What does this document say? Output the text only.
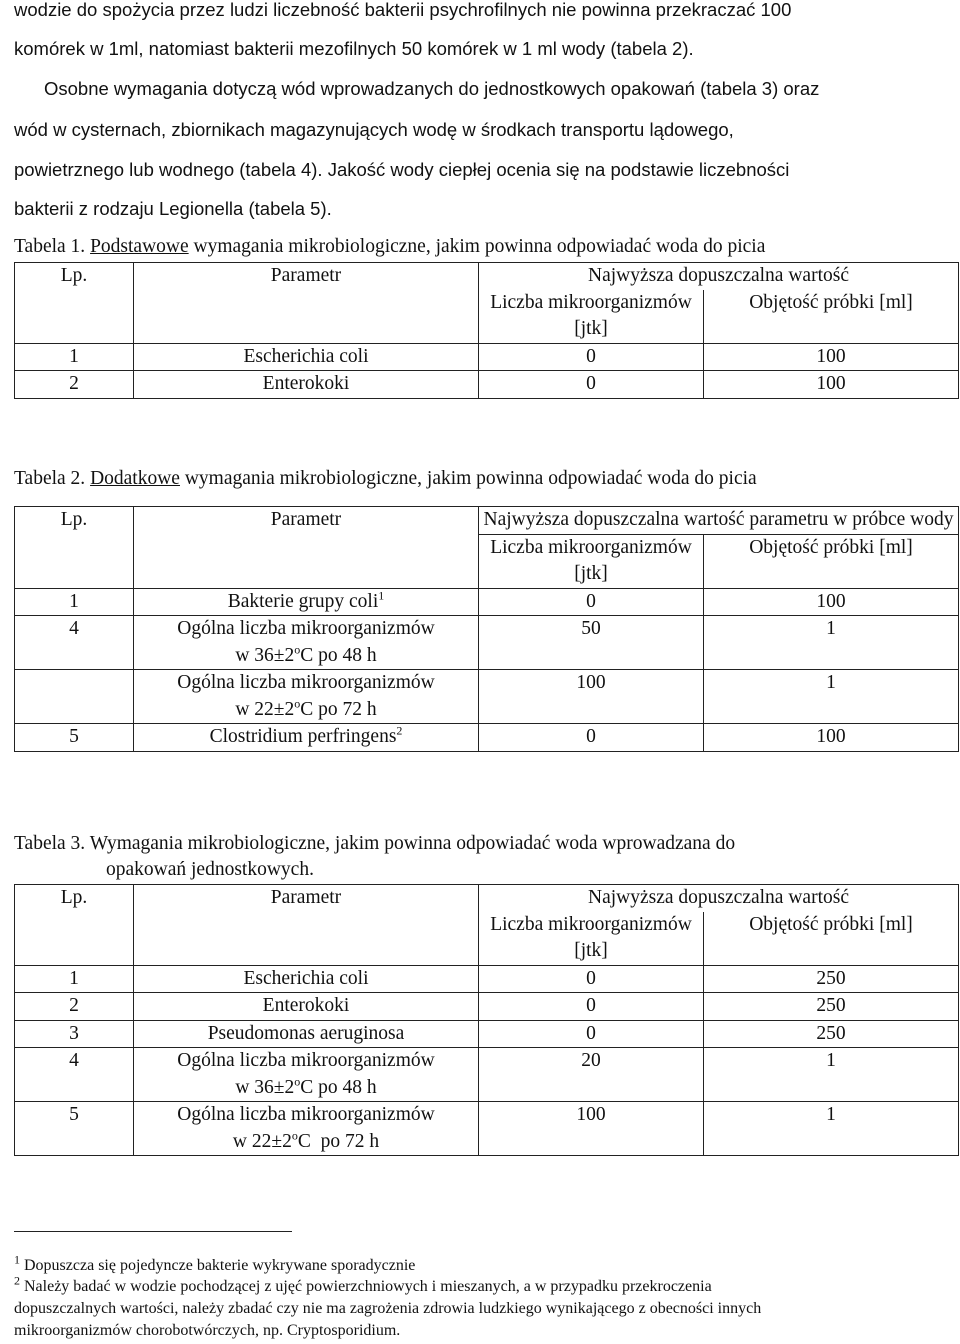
wodzie do spożycia przez ludzi liczebność bakterii psychrofilnych nie powinna przekraczać 100
komórek w 1ml, natomiast bakterii mezofilnych 50 komórek w 1 ml wody (tabela 2).
Osobne wymagania dotyczą wód wprowadzanych do jednostkowych opakowań (tabela 3) oraz
wód w cysternach, zbiornikach magazynujących wodę w środkach transportu lądowego,
powietrznego lub wodnego (tabela 4). Jakość wody ciepłej ocenia się na podstawie liczebności
bakterii z rodzaju Legionella (tabela 5).
Tabela 1. Podstawowe wymagania mikrobiologiczne, jakim powinna odpowiadać woda do picia
Lp.	Parametr	Najwyższa dopuszczalna wartość	
		Liczba mikroorganizmów [jtk]	Objętość próbki [ml]
1	Escherichia coli	0	100
2	Enterokoki	0	100
Tabela 2. Dodatkowe wymagania mikrobiologiczne, jakim powinna odpowiadać woda do picia
Lp.	Parametr	Najwyższa dopuszczalna wartość parametru w próbce wody	
		Liczba mikroorganizmów [jtk]	Objętość próbki [ml]
1	Bakterie grupy coli$^1$	0	100
4	Ogólna liczba mikroorganizmów
w $36\pm 2^oC$ po 48 h	50	1

	Ogólna liczba mikroorganizmów
w $22\pm 2^oC$ po 72 h	100	1
5	Clostridium perfringens$^2$	0	100
Tabela 3. Wymagania mikrobiologiczne, jakim powinna odpowiadać woda wprowadzana do
opakowań jednostkowych.
Lp.	Parametr	Najwyższa dopuszczalna wartość	
		Liczba mikroorganizmów [jtk]	Objętość próbki [ml]
1	Escherichia coli	0	250
2	Enterokoki	0	250
3	Pseudomonas aeruginosa	0	250
4	Ogólna liczba mikroorganizmów
w $36\pm 2^oC$ po 48 h	20	1
5	Ogólna liczba mikroorganizmów
w $22\pm 2^oC$  po 72 h	100	1
$^1$ Dopuszcza się pojedyncze bakterie wykrywane sporadycznie
$^2$ Należy badać w wodzie pochodzącej z ujęć powierzchniowych i mieszanych, a w przypadku przekroczenia
dopuszczalnych wartości, należy zbadać czy nie ma zagrożenia zdrowia ludzkiego wynikającego z obecności innych
mikroorganizmów chorobotwórczych, np. Cryptosporidium.
